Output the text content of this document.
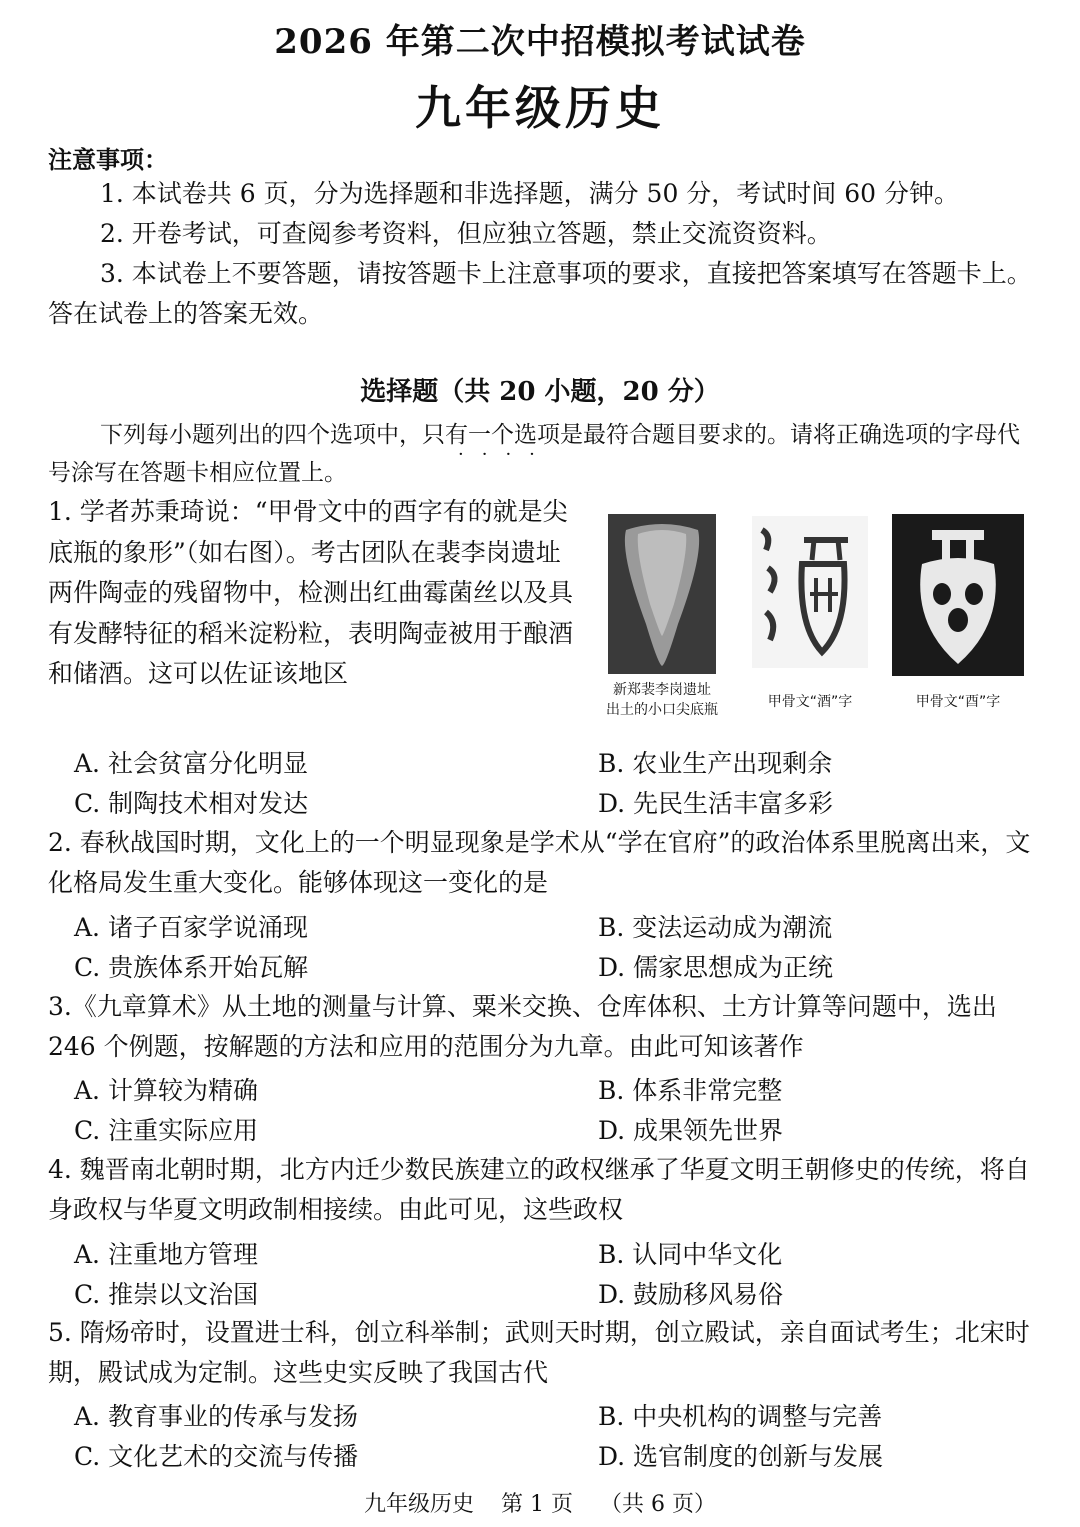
2026 年第二次中招模拟考试试卷
九年级历史
注意事项：
1. 本试卷共 6 页，分为选择题和非选择题，满分 50 分，考试时间 60 分钟。
2. 开卷考试，可查阅参考资料，但应独立答题，禁止交流资资料。
3. 本试卷上不要答题，请按答题卡上注意事项的要求，直接把答案填写在答题卡上。答在试卷上的答案无效。
选择题（共 20 小题，20 分）
下列每小题列出的四个选项中，只有一个选项是最符合题目要求的。请将正确选项的字母代号涂写在答题卡相应位置上。
····
1. 学者苏秉琦说：“甲骨文中的酉字有的就是尖底瓶的象形”（如右图）。考古团队在裴李岗遗址两件陶壶的残留物中，检测出红曲霉菌丝以及具有发酵特征的稻米淀粉粒，表明陶壶被用于酿酒和储酒。这可以佐证该地区
新郑裴李岗遗址
出土的小口尖底瓶	甲骨文“酒”字	甲骨文“酉”字
A. 社会贫富分化明显	B. 农业生产出现剩余
C. 制陶技术相对发达	D. 先民生活丰富多彩
2. 春秋战国时期，文化上的一个明显现象是学术从“学在官府”的政治体系里脱离出来，文化格局发生重大变化。能够体现这一变化的是
A. 诸子百家学说涌现	B. 变法运动成为潮流
C. 贵族体系开始瓦解	D. 儒家思想成为正统
3.《九章算术》从土地的测量与计算、粟米交换、仓库体积、土方计算等问题中，选出 246 个例题，按解题的方法和应用的范围分为九章。由此可知该著作
A. 计算较为精确	B. 体系非常完整
C. 注重实际应用	D. 成果领先世界
4. 魏晋南北朝时期，北方内迁少数民族建立的政权继承了华夏文明王朝修史的传统，将自身政权与华夏文明政制相接续。由此可见，这些政权
A. 注重地方管理	B. 认同中华文化
C. 推崇以文治国	D. 鼓励移风易俗
5. 隋炀帝时，设置进士科，创立科举制；武则天时期，创立殿试，亲自面试考生；北宋时期，殿试成为定制。这些史实反映了我国古代
A. 教育事业的传承与发扬	B. 中央机构的调整与完善
C. 文化艺术的交流与传播	D. 选官制度的创新与发展
九年级历史 第 1 页 （共 6 页）
